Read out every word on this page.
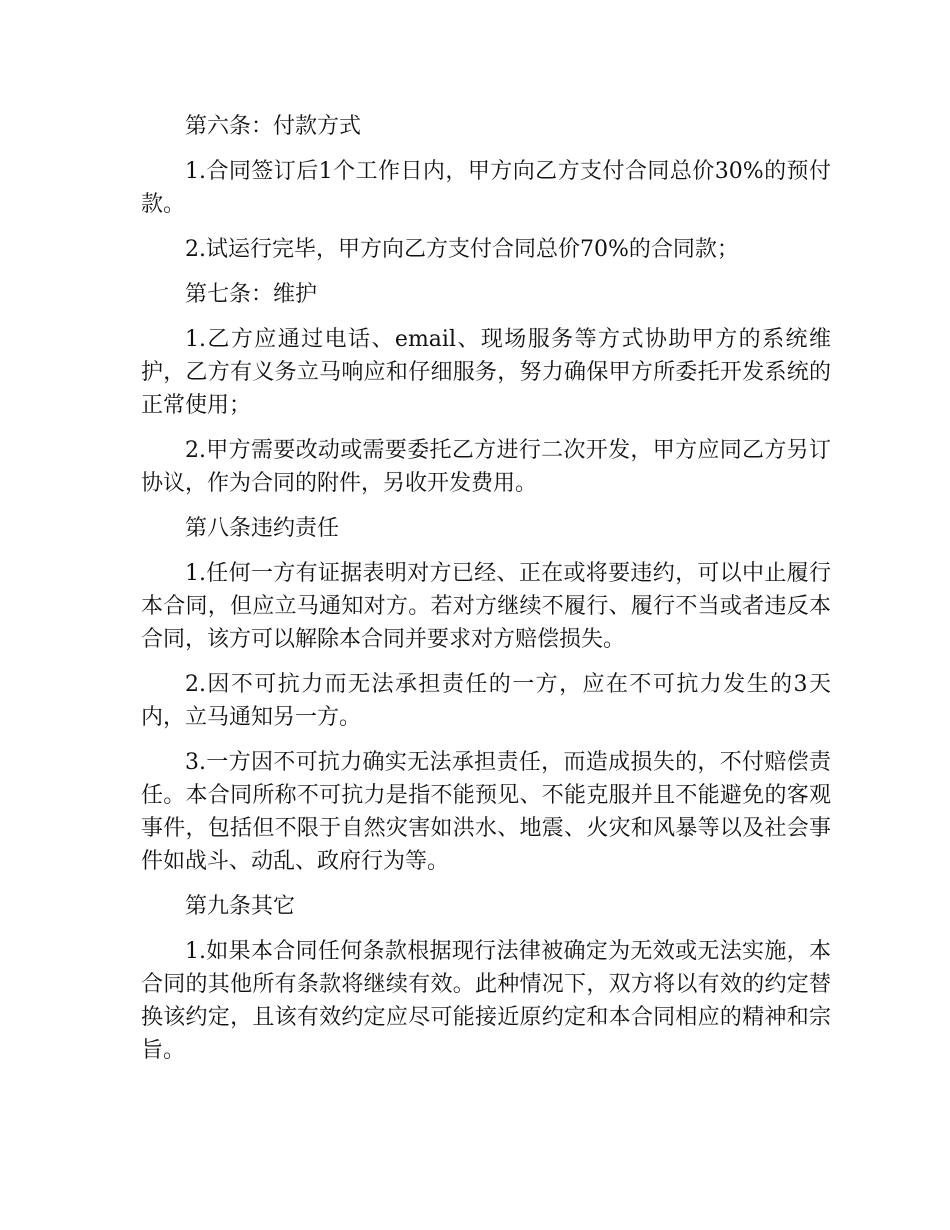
第六条：付款方式

1.合同签订后1个工作日内，甲方向乙方支付合同总价30%的预付款。

2.试运行完毕，甲方向乙方支付合同总价70%的合同款；

第七条：维护

1.乙方应通过电话、email、现场服务等方式协助甲方的系统维护，乙方有义务立马响应和仔细服务，努力确保甲方所委托开发系统的正常使用；

2.甲方需要改动或需要委托乙方进行二次开发，甲方应同乙方另订协议，作为合同的附件，另收开发费用。

第八条违约责任

1.任何一方有证据表明对方已经、正在或将要违约，可以中止履行本合同，但应立马通知对方。若对方继续不履行、履行不当或者违反本合同，该方可以解除本合同并要求对方赔偿损失。

2.因不可抗力而无法承担责任的一方，应在不可抗力发生的3天内，立马通知另一方。

3.一方因不可抗力确实无法承担责任，而造成损失的，不付赔偿责任。本合同所称不可抗力是指不能预见、不能克服并且不能避免的客观事件，包括但不限于自然灾害如洪水、地震、火灾和风暴等以及社会事件如战斗、动乱、政府行为等。

第九条其它

1.如果本合同任何条款根据现行法律被确定为无效或无法实施，本合同的其他所有条款将继续有效。此种情况下，双方将以有效的约定替换该约定，且该有效约定应尽可能接近原约定和本合同相应的精神和宗旨。
